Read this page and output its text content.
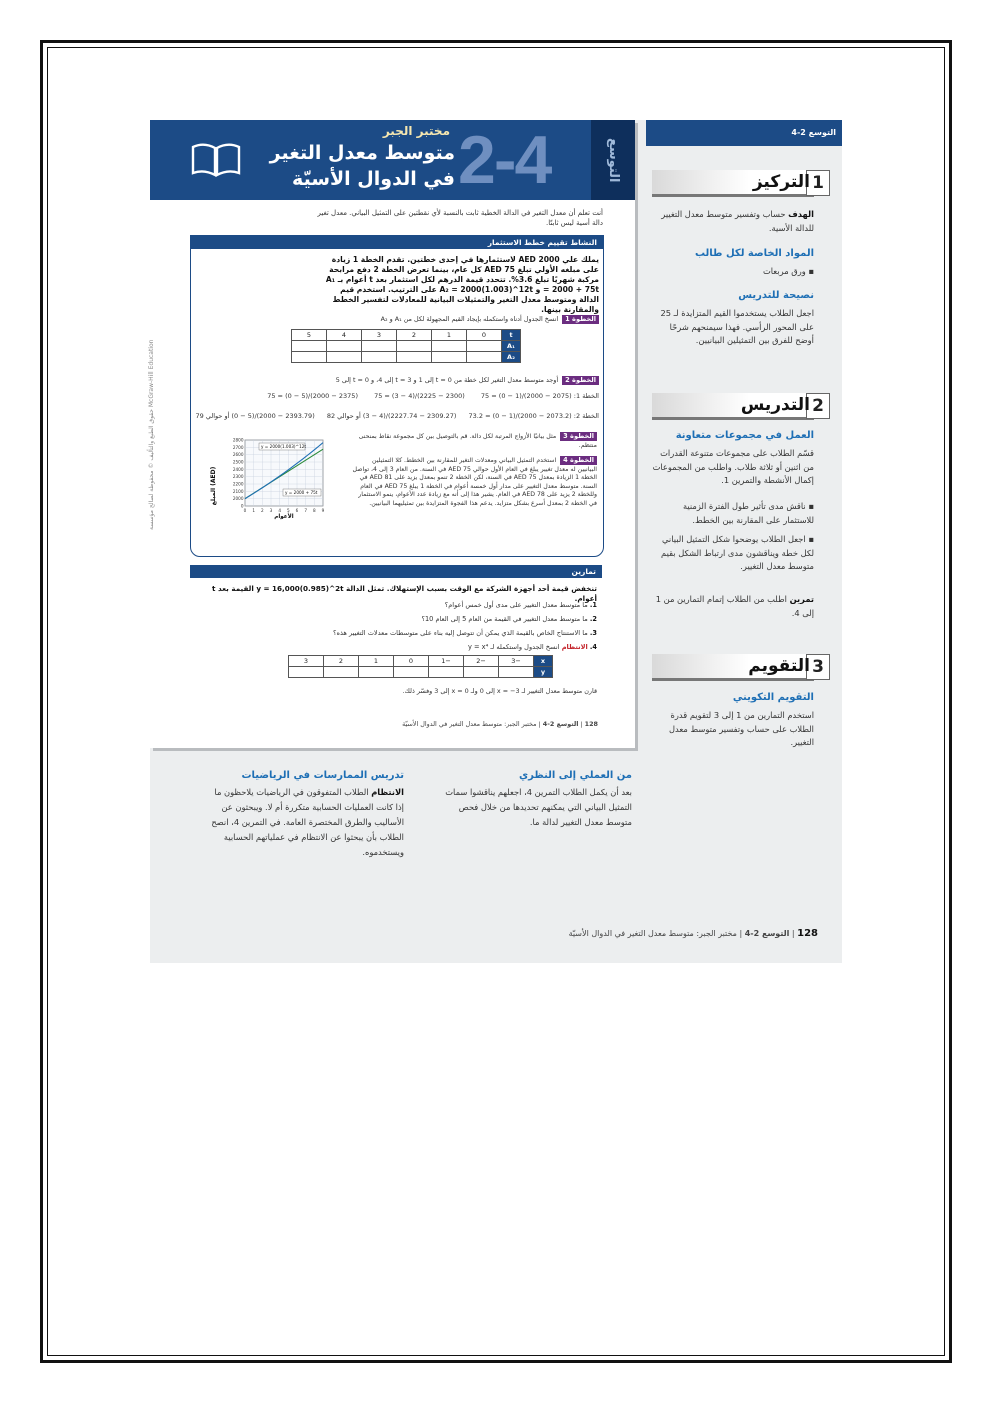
التوسع
2-4
مختبر الجبر
متوسط معدل التغير
في الدوال الأسيّة
أنت تعلم أن معدل التغير في الدالة الخطية ثابت بالنسبة لأي نقطتين على التمثيل البياني. معدل تغير دالة أسية ليس ثابتًا.
النشاط تقييم خطط الاستثمار
يملك علي AED 2000 لاستثمارها في إحدى خطتين. تقدم الخطة 1 زيادة على مبلغه الأولي تبلغ AED 75 كل عام، بينما تعرض الخطة 2 دفع مرابحة مركبة شهريًا تبلغ 3.6%. تتحدد قيمة الدرهم لكل استثمار بعد t أعوام بـ A₁ = 2000 + 75t و A₂ = 2000(1.003)^12t على الترتيب. استخدم قيم الدالة ومتوسط معدل التغير والتمثيلات البيانية للمعادلات لتفسير الخطط والمقارنة بينها.
الخطوة 1انسخ الجدول أدناه واستكمله بإيجاد القيم المجهولة لكل من A₁ و A₂
t	0	1	2	3	4	5
A₁						
A₂						
الخطوة 2أوجد متوسط معدل التغير لكل خطة من t = 0 إلى 1 و t = 3 إلى 4، و t = 0 إلى 5
الخطة 1: (2075 − 2000)/(1 − 0) = 75 (2300 − 2225)/(4 − 3) = 75 (2375 − 2000)/(5 − 0) = 75
الخطة 2: (2073.2 − 2000)/(1 − 0) = 73.2 (2309.27 − 2227.74)/(4 − 3) أو حوالي 82 (2393.79 − 2000)/(5 − 0) أو حوالي 79
الخطوة 3مثل بيانيًا الأزواج المرتبة لكل دالة. قم بالتوصيل بين كل مجموعة نقاط بمنحنى منتظم.
الخطوة 4استخدم التمثيل البياني ومعدلات التغير للمقارنة بين الخطط. كلا التمثيلين البيانيين له معدل تغيير يبلغ في العام الأول حوالي AED 75 في السنة. من العام 3 إلى 4، تواصل الخطة 1 الزيادة بمعدل AED 75 في السنة، لكن الخطة 2 تنمو بمعدل يزيد على AED 81 في السنة. متوسط معدل التغيير على مدار أول خمسة أعوام في الخطة 1 يبلغ AED 75 في العام وللخطة 2 يزيد على AED 78 في العام. يشير هذا إلى أنه مع زيادة عدد الأعوام، ينمو الاستثمار في الخطة 2 بمعدل أسرع بشكل متزايد. يدعم هذا الفجوة المتزايدة بين تمثيليهما البيانيين.
المبلغ (AED)
2800
2700
2600
2500
2400
2300
2200
2100
2000
0
0 1 2 3 4 5 6 7 8 9
y = 2000(1.003)^12t
y = 2000 + 75t
الأعوام
تمارين
تنخفض قيمة أحد أجهزة الشركة مع الوقت بسبب الإستهلاك. تمثل الدالة y = 16,000(0.985)^2t القيمة بعد t أعوام.
1. ما متوسط معدل التغيير على مدى أول خمس أعوام؟
2. ما متوسط معدل التغيير في القيمة من العام 5 إلى العام 10؟
3. ما الاستنتاج الخاص بالقيمة الذي يمكن أن تتوصل إليه بناء على متوسطات معدلات التغيير هذه؟
4. الانتظام انسخ الجدول واستكمله لـ y = x⁴
x	−3	−2	−1	0	1	2	3
y							
قارن متوسط معدل التغيير لـ x = −3 إلى 0 ولـ x = 0 إلى 3 وفسّر ذلك.
128 | التوسع 2-4 | مختبر الجبر: متوسط معدل التغير في الدوال الأسيّة
حقوق الطبع والتأليف © محفوظة لصالح مؤسسة McGraw-Hill Education
التوسع 2-4
1
التركيز
الهدف حساب وتفسير متوسط معدل التغيير للدالة الأسية.
المواد الخاصة لكل طالب
▪ ورق مربعات
نصيحة للتدريس
اجعل الطلاب يستخدموا القيم المتزايدة لـ 25 على المحور الرأسي. فهذا سيمنحهم شرحًا أوضح للفرق بين التمثيلين البيانيين.
2
التدريس
العمل في مجموعات متعاونة
قسّم الطلاب على مجموعات متنوعة القدرات من اثنين أو ثلاثة طلاب. واطلب من المجموعات إكمال الأنشطة والتمرين 1.
▪ ناقش مدى تأثير طول الفترة الزمنية للاستثمار على المقارنة بين الخطط.
▪ اجعل الطلاب يوضحوا شكل التمثيل البياني لكل خطة ويناقشون مدى ارتباط الشكل بقيم متوسط معدل التغيير.
تمرين اطلب من الطلاب إتمام التمارين من 1 إلى 4.
3
التقويم
التقويم التكويني
استخدم التمارين من 1 إلى 3 لتقويم قدرة الطلاب على حساب وتفسير متوسط معدل التغيير.
من العملي إلى النظري
بعد أن يكمل الطلاب التمرين 4، اجعلهم يناقشوا سمات التمثيل البياني التي يمكنهم تحديدها من خلال فحص متوسط معدل التغيير لدالة ما.
تدريس الممارسات في الرياضيات
الانتظام الطلاب المتفوقون في الرياضيات يلاحظون ما إذا كانت العمليات الحسابية متكررة أم لا. ويبحثون عن الأساليب والطرق المختصرة العامة. في التمرين 4، انصح الطلاب بأن يبحثوا عن الانتظام في عملياتهم الحسابية ويستخدموه.
128 | التوسع 2-4 | مختبر الجبر: متوسط معدل التغير في الدوال الأسيّة
